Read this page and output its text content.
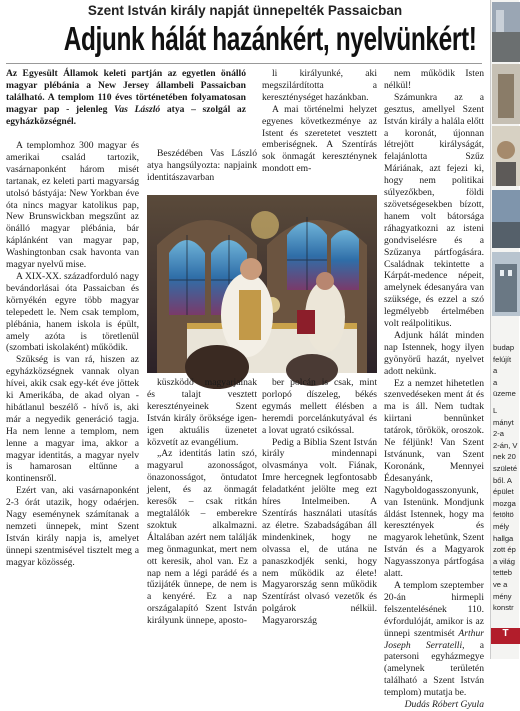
Szent István király napját ünnepelték Passaicban
Adjunk hálát hazánkért, nyelvünkért!
Az Egyesült Államok keleti partján az egyetlen önálló magyar plébánia a New Jersey állambeli Passaicban található. A templom 110 éves történetében folyamatosan magyar pap - jelenleg Vas László atya – szolgál az egyházközségnél.

A templomhoz 300 magyar és amerikai család tartozik, vasárnaponként három misét tartanak, ez keleti parti magyarság utolsó bástyája: New Yorkban éve óta nincs magyar katolikus pap, New Brunswickban megszűnt az önálló magyar plébánia, bár káplánként van magyar pap, Washingtonban csak havonta van magyar nyelvű mise.

A XIX-XX. századforduló nagy bevándorlásai óta Passaicban és környékén egyre több magyar telepedett le. Nem csak templom, plébánia, hanem iskola is épült, amely azóta is töretlenül (szombati iskolaként) működik.

Szükség is van rá, hiszen az egyházközségnek vannak olyan hívei, akik csak egy-két éve jöttek ki Amerikába, de akad olyan - hibátlanul beszélő - hívő is, aki már a negyedik generáció tagja. Ha nem lenne a templom, nem lenne a magyar ima, akkor a magyar identitás, a magyar nyelv is hamarosan eltűnne a kontinensről.

Ezért van, aki vasárnaponként 2-3 órát utazik, hogy odaérjen. Nagy eseménynek számítanak a nemzeti ünnepek, mint Szent István király napja is, amelyet ünnepi szentmisével tisztelt meg a magyar közösség.

Beszédében Vas László atya hangsúlyozta: napjaink identitászavarban

li királyunké, aki megszilárdította a kereszténységet hazánkban.

A mai történelmi helyzet egyenes következménye az Istent és szeretetet vesztett emberiségnek. A Szentírás sok önmagát kereszténynek mondott em-

küszködő magyarjainak és talajt vesztett keresztényeinek Szent István király öröksége igen-igen aktuális üzenetet közvetít az evangélium.

„Az identitás latin szó, magyarul azonosságot, önazonosságot, öntudatot jelent, és az önmagát keresők – csak ritkán megtalálók – emberekre szoktuk alkalmazni. Általában azért nem találják meg önmagunkat, mert nem ott keresik, ahol van. Ez a nap nem a légi parádé és a tűzijáték ünnepe, de nem is a kenyéré. Ez a nap országalapító Szent István királyunk ünnepe, aposto-

ber polcán is csak, mint porlopó díszeleg, békés egymás mellett élésben a heremdi porcelánkutyával és a lovat ugrató csikóssal.

Pedig a Biblia Szent István király mindennapi olvasmánya volt. Fiának, Imre hercegnek legfontosabb feladatként jelölte meg ezt híres Intelmeiben. A Szentírás használati utasítás az életre. Szabadságában áll mindenkinek, hogy ne olvassa el, de utána ne panaszkodjék senki, hogy nem működik az élete! Magyarország senn működik Szentírást olvasó vezetők és polgárok nélkül. Magyarország

nem működik Isten nélkül!

Számunkra az a gesztus, amellyel Szent István király a halála előtt a koronát, újonnan létrejött királyságát, felajánlotta Szűz Máriának, azt fejezi ki, hogy nem politikai súlyezőkben, földi szövetségesekben bízott, hanem volt bátorsága ráhagyatkozni az isteni gondviselésre és a Szűzanya pártfogására. Családnak tekintette a Kárpát-medence népeit, amelynek édesanyára van szüksége, és ezzel a szó legmélyebb értelmében volt reálpolitikus.

Adjunk hálát minden nap Istennek, hogy ilyen gyönyörű hazát, nyelvet adott nekünk.

Ez a nemzet hihetetlen szenvedéseken ment át és ma is áll. Nem tudtak kiirtani bennünket tatárok, törökök, oroszok. Ne féljünk! Van Szent Istvánunk, van Szent Koronánk, Mennyei Édesanyánk, Nagyboldogasszonyunk, van Istenünk. Mondjunk áldást Istennek, hogy ma keresztények és magyarok lehetünk, Szent István és a Magyarok Nagyasszonya pártfogása alatt.

A templom szeptember 20-án hirmepli felszentelésének 110. évfordulóját, amikor is az ünnepi szentmisét Arthur Joseph Serratelli, a patersoni egyházmegye (amelynek területén található a Szent István templom) mutatja be.

Dudás Róbert Gyula

budap
felújít
a
a
üzeme
L
mányt
2-a
2-án, V
nek 20
születé
ből. A
épület
mozga
fetöltö
mély
hallga
zott ép
a világ
tetteb
ve a
mény
konstr
T
